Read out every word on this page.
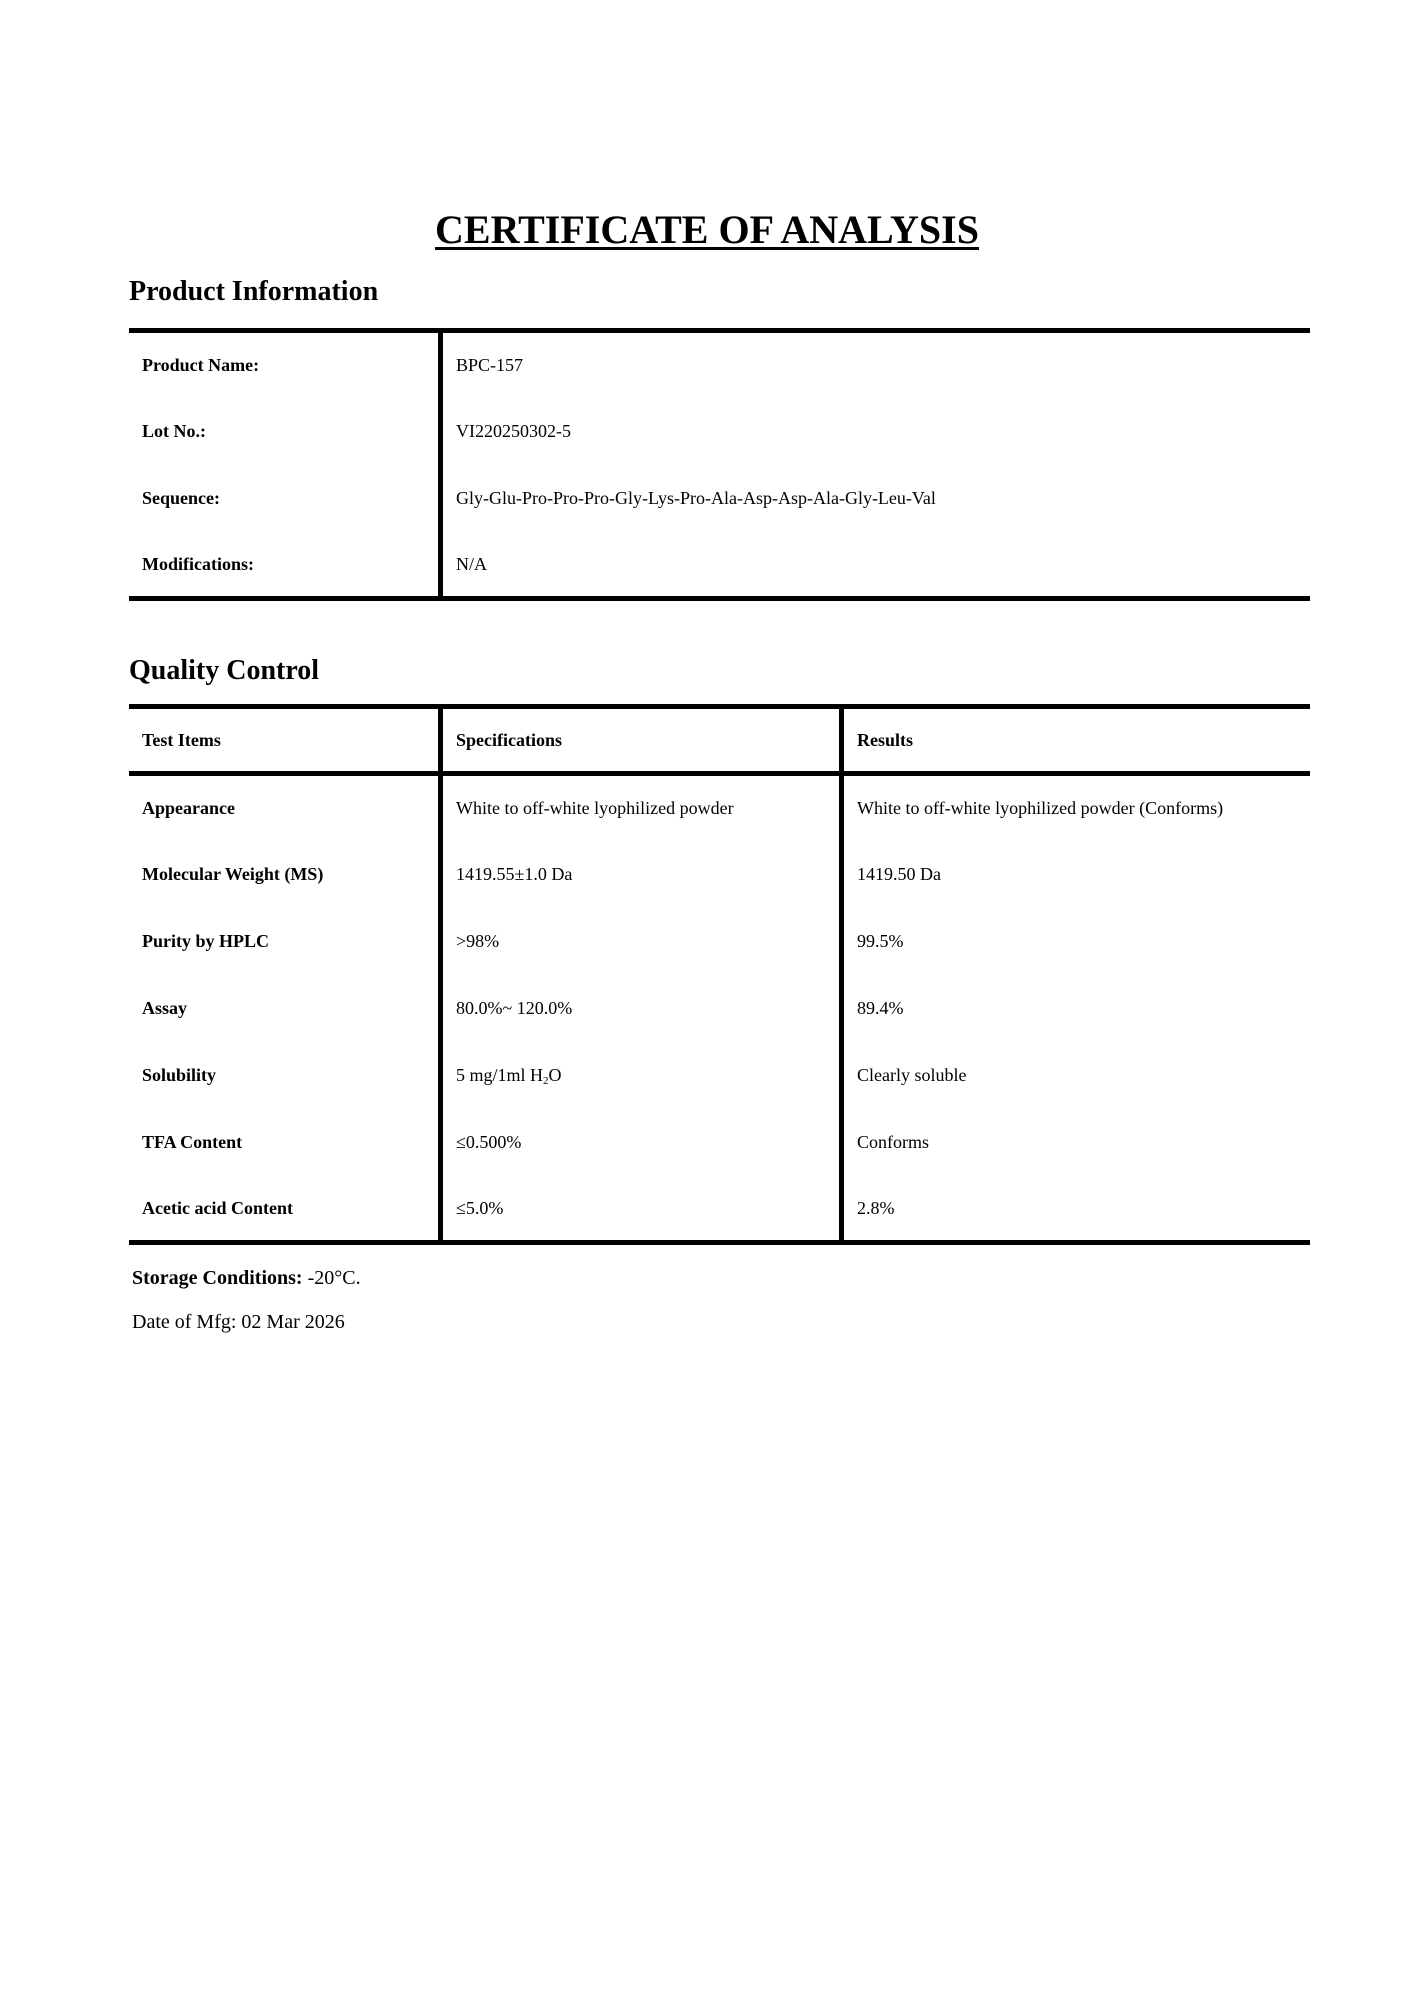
CERTIFICATE OF ANALYSIS
Product Information
Product Name:	BPC-157
Lot No.:	VI220250302-5
Sequence:	Gly-Glu-Pro-Pro-Pro-Gly-Lys-Pro-Ala-Asp-Asp-Ala-Gly-Leu-Val
Modifications:	N/A
Quality Control
Test Items	Specifications	Results
Appearance	White to off-white lyophilized powder	White to off-white lyophilized powder (Conforms)
Molecular Weight (MS)	1419.55±1.0 Da	1419.50 Da
Purity by HPLC	>98%	99.5%
Assay	80.0%~ 120.0%	89.4%
Solubility	5 mg/1ml $H_2O$	Clearly soluble
TFA Content	≤0.500%	Conforms
Acetic acid Content	≤5.0%	2.8%

Storage Conditions: -20°C.

Date of Mfg: 02 Mar 2026
